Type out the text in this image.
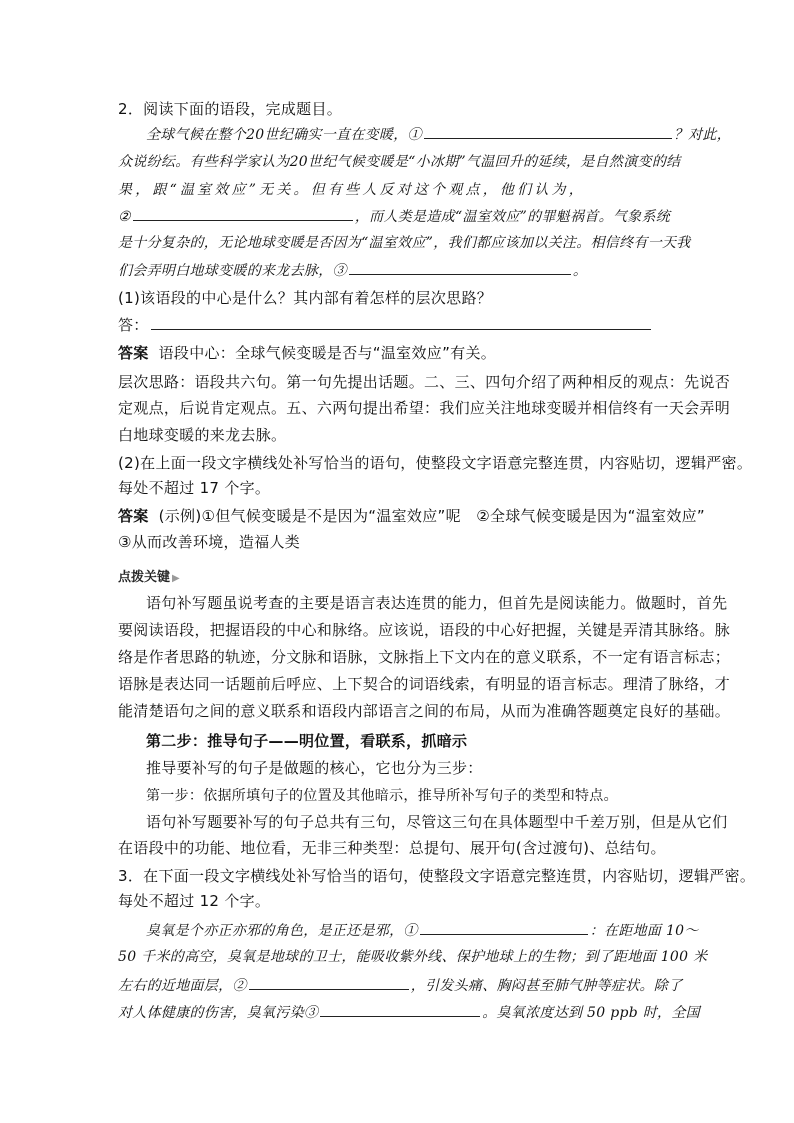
2．阅读下面的语段，完成题目。
全球气候在整个20世纪确实一直在变暖，①	？对此，
众说纷纭。有些科学家认为20世纪气候变暖是“小冰期”气温回升的延续，是自然演变的结
果，跟“温室效应”无关。但有些人反对这个观点，他们认为，
②	，而人类是造成“温室效应”的罪魁祸首。气象系统
是十分复杂的，无论地球变暖是否因为“温室效应”，我们都应该加以关注。相信终有一天我
们会弄明白地球变暖的来龙去脉，③	。
(1)该语段的中心是什么？其内部有着怎样的层次思路？
答：
答案 语段中心：全球气候变暖是否与“温室效应”有关。
层次思路：语段共六句。第一句先提出话题。二、三、四句介绍了两种相反的观点：先说否
定观点，后说肯定观点。五、六两句提出希望：我们应关注地球变暖并相信终有一天会弄明
白地球变暖的来龙去脉。
(2)在上面一段文字横线处补写恰当的语句，使整段文字语意完整连贯，内容贴切，逻辑严密。
每处不超过 17 个字。
答案 (示例)①但气候变暖是不是因为“温室效应”呢　②全球气候变暖是因为“温室效应”
③从而改善环境，造福人类
点拨关键 ▶
语句补写题虽说考查的主要是语言表达连贯的能力，但首先是阅读能力。做题时，首先
要阅读语段，把握语段的中心和脉络。应该说，语段的中心好把握，关键是弄清其脉络。脉
络是作者思路的轨迹，分文脉和语脉，文脉指上下文内在的意义联系，不一定有语言标志；
语脉是表达同一话题前后呼应、上下契合的词语线索，有明显的语言标志。理清了脉络，才
能清楚语句之间的意义联系和语段内部语言之间的布局，从而为准确答题奠定良好的基础。
第二步：推导句子——明位置，看联系，抓暗示
推导要补写的句子是做题的核心，它也分为三步：
第一步：依据所填句子的位置及其他暗示，推导所补写句子的类型和特点。
语句补写题要补写的句子总共有三句，尽管这三句在具体题型中千差万别，但是从它们
在语段中的功能、地位看，无非三种类型：总提句、展开句(含过渡句)、总结句。
3．在下面一段文字横线处补写恰当的语句，使整段文字语意完整连贯，内容贴切，逻辑严密。
每处不超过 12 个字。
臭氧是个亦正亦邪的角色，是正还是邪，①	：在距地面 10～
50 千米的高空，臭氧是地球的卫士，能吸收紫外线、保护地球上的生物；到了距地面 100 米
左右的近地面层，②	，引发头痛、胸闷甚至肺气肿等症状。除了
对人体健康的伤害，臭氧污染③	。臭氧浓度达到 50 ppb 时，全国
